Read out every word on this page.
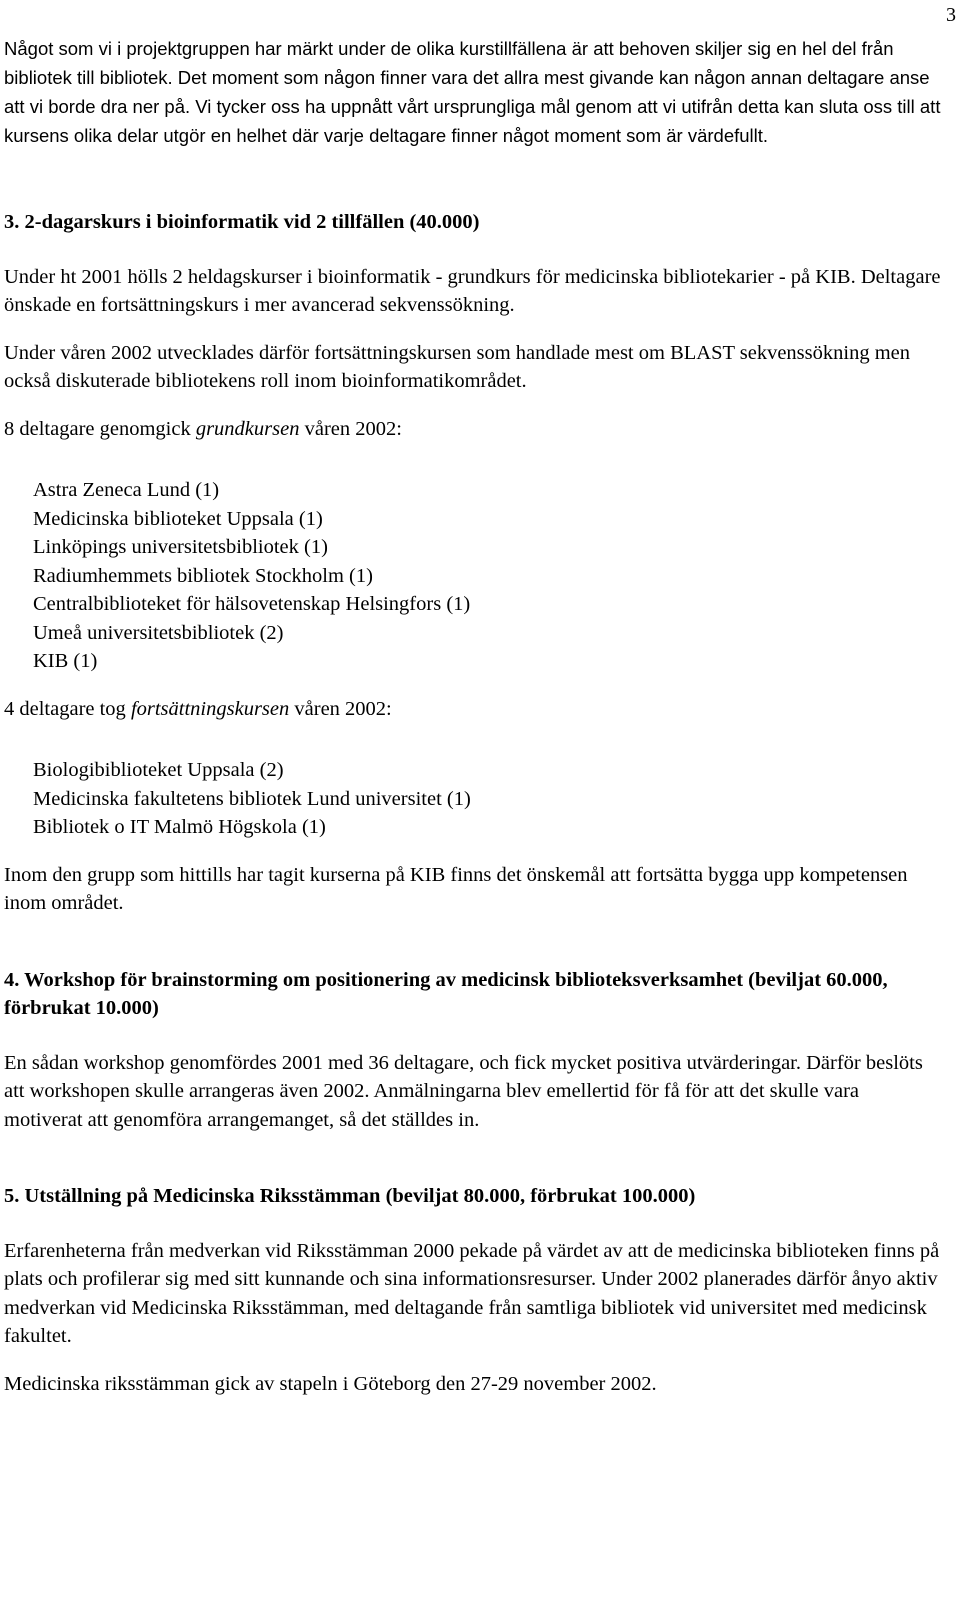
3

Något som vi i projektgruppen har märkt under de olika kurstillfällena är att behoven skiljer sig en hel del från bibliotek till bibliotek. Det moment som någon finner vara det allra mest givande kan någon annan deltagare anse att vi borde dra ner på. Vi tycker oss ha uppnått vårt ursprungliga mål genom att vi utifrån detta kan sluta oss till att kursens olika delar utgör en helhet där varje deltagare finner något moment som är värdefullt.

3. 2-dagarskurs i bioinformatik vid 2 tillfällen (40.000)

Under ht 2001 hölls 2 heldagskurser i bioinformatik - grundkurs för medicinska bibliotekarier - på KIB. Deltagare önskade en fortsättningskurs i mer avancerad sekvenssökning.

Under våren 2002 utvecklades därför fortsättningskursen som handlade mest om BLAST sekvenssökning men också diskuterade bibliotekens roll inom bioinformatikområdet.

8 deltagare genomgick grundkursen våren 2002:

Astra Zeneca Lund (1)
Medicinska biblioteket Uppsala (1)
Linköpings universitetsbibliotek (1)
Radiumhemmets bibliotek Stockholm (1)
Centralbiblioteket för hälsovetenskap Helsingfors (1)
Umeå universitetsbibliotek (2)
KIB (1)

4 deltagare tog fortsättningskursen våren 2002:

Biologibiblioteket Uppsala (2)
Medicinska fakultetens bibliotek Lund universitet (1)
Bibliotek o IT Malmö Högskola (1)

Inom den grupp som hittills har tagit kurserna på KIB finns det önskemål att fortsätta bygga upp kompetensen inom området.

4. Workshop för brainstorming om positionering av medicinsk biblioteksverksamhet (beviljat 60.000, förbrukat 10.000)

En sådan workshop genomfördes 2001 med 36 deltagare, och fick mycket positiva utvärderingar. Därför beslöts att workshopen skulle arrangeras även 2002. Anmälningarna blev emellertid för få för att det skulle vara motiverat att genomföra arrangemanget, så det ställdes in.

5. Utställning på Medicinska Riksstämman (beviljat 80.000, förbrukat 100.000)

Erfarenheterna från medverkan vid Riksstämman 2000 pekade på värdet av att de medicinska biblioteken finns på plats och profilerar sig med sitt kunnande och sina informationsresurser. Under 2002 planerades därför ånyo aktiv medverkan vid Medicinska Riksstämman, med deltagande från samtliga bibliotek vid universitet med medicinsk fakultet.

Medicinska riksstämman gick av stapeln i Göteborg den 27-29 november 2002.
